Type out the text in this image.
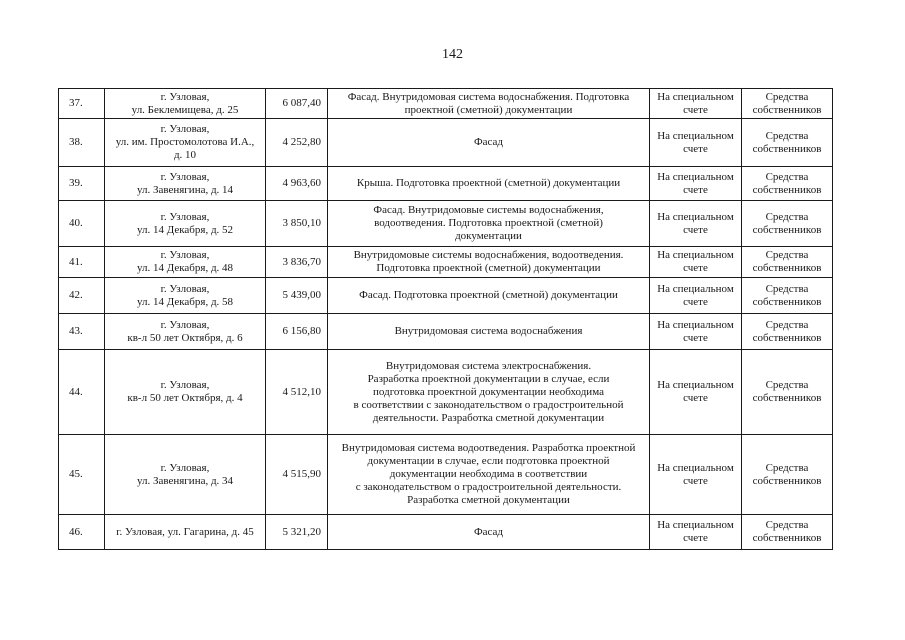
142
37.	г. Узловая,
ул. Беклемищева, д. 25	6 087,40	Фасад. Внутридомовая система водоснабжения. Подготовка
проектной (сметной) документации	На специальном
счете	Средства
собственников

38.	г. Узловая,
ул. им. Простомолотова И.А.,
д. 10	4 252,80	Фасад	На специальном
счете	Средства
собственников

39.	г. Узловая,
ул. Завенягина, д. 14	4 963,60	Крыша. Подготовка проектной (сметной) документации	На специальном
счете	Средства
собственников

40.	г. Узловая,
ул. 14 Декабря, д. 52	3 850,10	Фасад. Внутридомовые системы водоснабжения,
водоотведения. Подготовка проектной (сметной)
документации	На специальном
счете	Средства
собственников

41.	г. Узловая,
ул. 14 Декабря, д. 48	3 836,70	Внутридомовые системы водоснабжения, водоотведения.
Подготовка проектной (сметной) документации	На специальном
счете	Средства
собственников

42.	г. Узловая,
ул. 14 Декабря, д. 58	5 439,00	Фасад. Подготовка проектной (сметной) документации	На специальном
счете	Средства
собственников

43.	г. Узловая,
кв-л 50 лет Октября, д. 6	6 156,80	Внутридомовая система водоснабжения	На специальном
счете	Средства
собственников

44.	г. Узловая,
кв-л 50 лет Октября, д. 4	4 512,10	Внутридомовая система электроснабжения.
Разработка проектной документации в случае, если
подготовка проектной документации необходима
в соответствии с законодательством о градостроительной
деятельности. Разработка сметной документации	На специальном
счете	Средства
собственников

45.	г. Узловая,
ул. Завенягина, д. 34	4 515,90	Внутридомовая система водоотведения. Разработка проектной
документации в случае, если подготовка проектной
документации необходима в соответствии
с законодательством о градостроительной деятельности.
Разработка сметной документации	На специальном
счете	Средства
собственников

46.	г. Узловая, ул. Гагарина, д. 45	5 321,20	Фасад	На специальном
счете	Средства
собственников
